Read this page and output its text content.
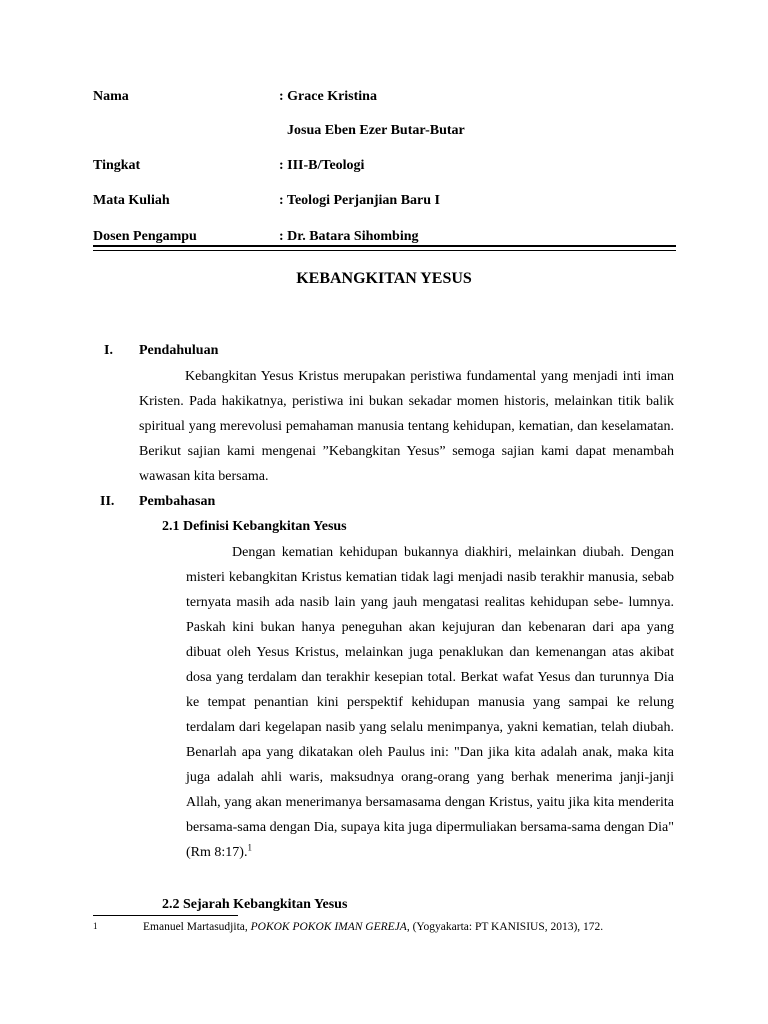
Nama	: Grace Kristina
Josua Eben Ezer Butar-Butar
Tingkat	: III-B/Teologi
Mata Kuliah	: Teologi Perjanjian Baru I
Dosen Pengampu	: Dr. Batara Sihombing
KEBANGKITAN YESUS
I. Pendahuluan

Kebangkitan Yesus Kristus merupakan peristiwa fundamental yang menjadi inti iman Kristen. Pada hakikatnya, peristiwa ini bukan sekadar momen historis, melainkan titik balik spiritual yang merevolusi pemahaman manusia tentang kehidupan, kematian, dan keselamatan. Berikut sajian kami mengenai ”Kebangkitan Yesus” semoga sajian kami dapat menambah wawasan kita bersama.

II. Pembahasan
2.1 Definisi Kebangkitan Yesus

Dengan kematian kehidupan bukannya diakhiri, melainkan diubah. Dengan misteri kebangkitan Kristus kematian tidak lagi menjadi nasib terakhir manusia, sebab ternyata masih ada nasib lain yang jauh mengatasi realitas kehidupan sebe- lumnya. Paskah kini bukan hanya peneguhan akan kejujuran dan kebenaran dari apa yang dibuat oleh Yesus Kristus, melainkan juga penaklukan dan kemenangan atas akibat dosa yang terdalam dan terakhir kesepian total. Berkat wafat Yesus dan turunnya Dia ke tempat penantian kini perspektif kehidupan manusia yang sampai ke relung terdalam dari kegelapan nasib yang selalu menimpanya, yakni kematian, telah diubah. Benarlah apa yang dikatakan oleh Paulus ini: "Dan jika kita adalah anak, maka kita juga adalah ahli waris, maksudnya orang-orang yang berhak menerima janji-janji Allah, yang akan menerimanya bersamasama dengan Kristus, yaitu jika kita menderita bersama-sama dengan Dia, supaya kita juga dipermuliakan bersama-sama dengan Dia" (Rm 8:17).$^1$

2.2 Sejarah Kebangkitan Yesus
1	Emanuel Martasudjita, POKOK POKOK IMAN GEREJA, (Yogyakarta: PT KANISIUS, 2013), 172.
